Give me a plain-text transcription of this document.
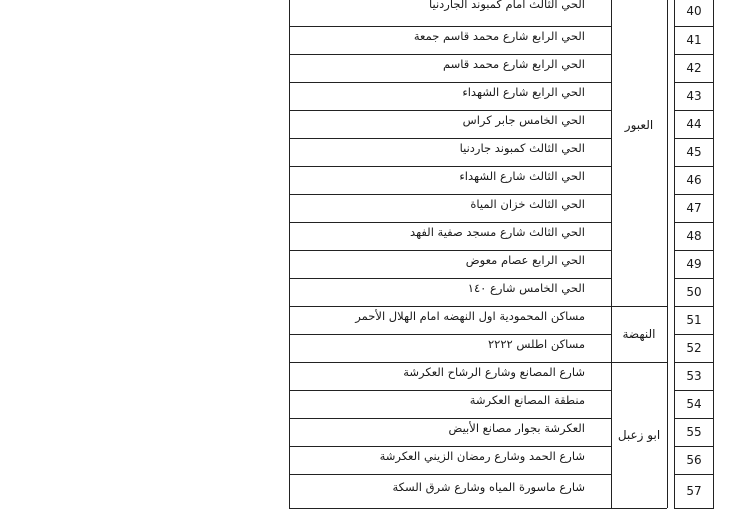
40
الحي الثالث امام كمبوند الجاردنيا
41
الحي الرابع شارع محمد قاسم جمعة
42
الحي الرابع شارع محمد قاسم
43
الحي الرابع شارع الشهداء
44
الحي الخامس جابر كراس
45
الحي الثالث كمبوند جاردنيا
46
الحي الثالث شارع الشهداء
47
الحي الثالث خزان المياة
48
الحي الثالث شارع مسجد صفية الفهد
49
الحي الرابع عصام معوض
50
الحي الخامس شارع ١٤٠
51
مساكن المحمودية اول النهضه امام الهلال الأحمر
52
مساكن اطلس ٢٢٢٢
53
شارع المصانع وشارع الرشاح العكرشة
54
منطقة المصانع العكرشة
55
العكرشة بجوار مصانع الأبيض
56
شارع الحمد وشارع رمضان الزيني العكرشة
57
شارع ماسورة المياه وشارع شرق السكة
العبور
النهضة
ابو زعبل
